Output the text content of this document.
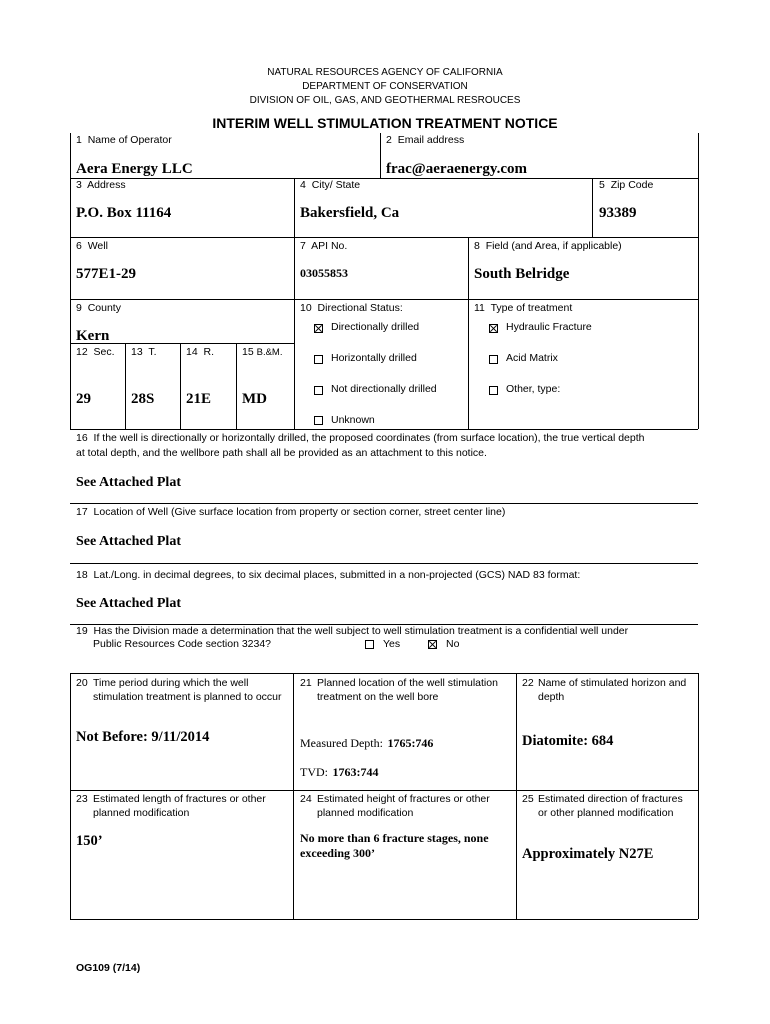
NATURAL RESOURCES AGENCY OF CALIFORNIA
DEPARTMENT OF CONSERVATION
DIVISION OF OIL, GAS, AND GEOTHERMAL RESROUCES
INTERIM WELL STIMULATION TREATMENT NOTICE
1 Name of Operator
Aera Energy LLC
2 Email address
frac@aeraenergy.com
3 Address
P.O. Box 11164
4 City/ State
Bakersfield, Ca
5 Zip Code
93389
6 Well
577E1-29
7 API No.
03055853
8 Field (and Area, if applicable)
South Belridge
9 County
Kern
10 Directional Status:	11 Type of treatment
Directionally drilled
Horizontally drilled
Not directionally drilled
Unknown
Hydraulic Fracture
Acid Matrix
Other, type:
12 Sec.
29
13 T.
28S
14 R.
21E
15 B.&M.
MD
16 If the well is directionally or horizontally drilled, the proposed coordinates (from surface location), the true vertical depth
at total depth, and the wellbore path shall all be provided as an attachment to this notice.
See Attached Plat
17 Location of Well (Give surface location from property or section corner, street center line)
See Attached Plat
18 Lat./Long. in decimal degrees, to six decimal places, submitted in a non-projected (GCS) NAD 83 format:
See Attached Plat
19 Has the Division made a determination that the well subject to well stimulation treatment is a confidential well under
Public Resources Code section 3234?	Yes	No
20 Time period during which the well stimulation treatment is planned to occur
Not Before: 9/11/2014
21 Planned location of the well stimulation treatment on the well bore
Measured Depth: 1765:746
TVD: 1763:744
22 Name of stimulated horizon and depth
Diatomite: 684
23 Estimated length of fractures or other planned modification
150’
24 Estimated height of fractures or other planned modification
No more than 6 fracture stages, none exceeding 300’
25 Estimated direction of fractures or other planned modification
Approximately N27E
OG109 (7/14)
